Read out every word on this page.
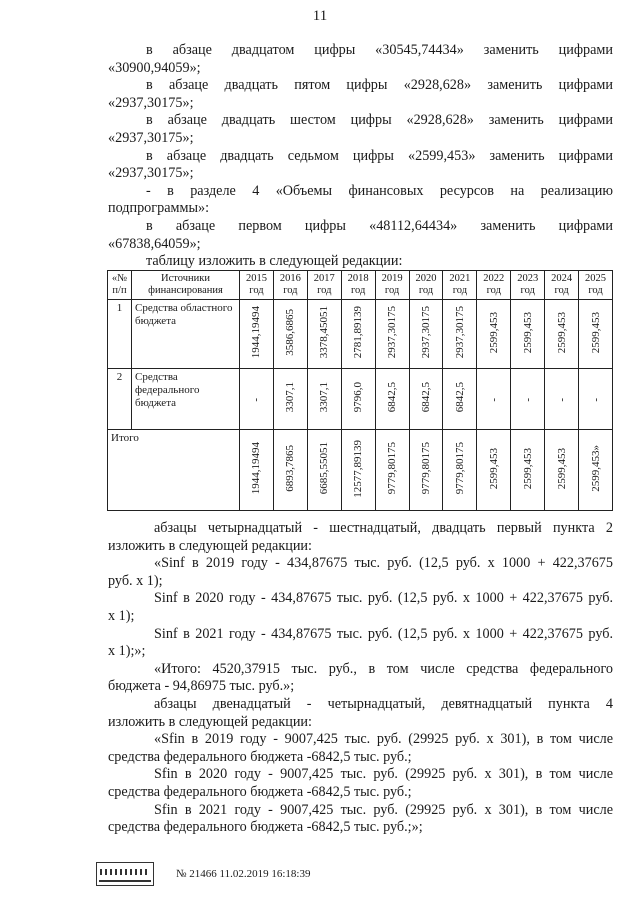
11

в абзаце двадцатом цифры «30545,74434» заменить цифрами

«30900,94059»;

в абзаце двадцать пятом цифры «2928,628» заменить цифрами

«2937,30175»;

в абзаце двадцать шестом цифры «2928,628» заменить цифрами

«2937,30175»;

в абзаце двадцать седьмом цифры «2599,453» заменить цифрами

«2937,30175»;

- в разделе 4 «Объемы финансовых ресурсов на реализацию

подпрограммы»:

в абзаце первом цифры «48112,64434» заменить цифрами

«67838,64059»;

таблицу изложить в следующей редакции:

«№ п/п	Источники финансирования	2015 год	2016 год	2017 год	2018 год	2019 год	2020 год	2021 год	2022 год	2023 год	2024 год	2025 год
1	Средства областного бюджета	1944,19494	3586,6865	3378,45051	2781,89139	2937,30175	2937,30175	2937,30175	2599,453	2599,453	2599,453	2599,453
2	Средства федерального бюджета	-	3307,1	3307,1	9796,0	6842,5	6842,5	6842,5	-	-	-	-
Итого		1944,19494	6893,7865	6685,55051	12577,89139	9779,80175	9779,80175	9779,80175	2599,453	2599,453	2599,453	2599,453»

абзацы четырнадцатый - шестнадцатый, двадцать первый пункта 2

изложить в следующей редакции:

«Sinf в 2019 году - 434,87675 тыс. руб. (12,5 руб. х 1000 + 422,37675

руб. х 1);

Sinf в 2020 году - 434,87675 тыс. руб. (12,5 руб. х 1000 + 422,37675 руб.

х 1);

Sinf в 2021 году - 434,87675 тыс. руб. (12,5 руб. х 1000 + 422,37675 руб.

х 1);»;

«Итого: 4520,37915 тыс. руб., в том числе средства федерального

бюджета - 94,86975 тыс. руб.»;

абзацы двенадцатый - четырнадцатый, девятнадцатый пункта 4

изложить в следующей редакции:

«Sfin в 2019 году - 9007,425 тыс. руб. (29925 руб. х 301), в том числе

средства федерального бюджета -6842,5 тыс. руб.;

Sfin в 2020 году - 9007,425 тыс. руб. (29925 руб. х 301), в том числе

средства федерального бюджета -6842,5 тыс. руб.;

Sfin в 2021 году - 9007,425 тыс. руб. (29925 руб. х 301), в том числе

средства федерального бюджета -6842,5 тыс. руб.;»;

№ 21466 11.02.2019 16:18:39
